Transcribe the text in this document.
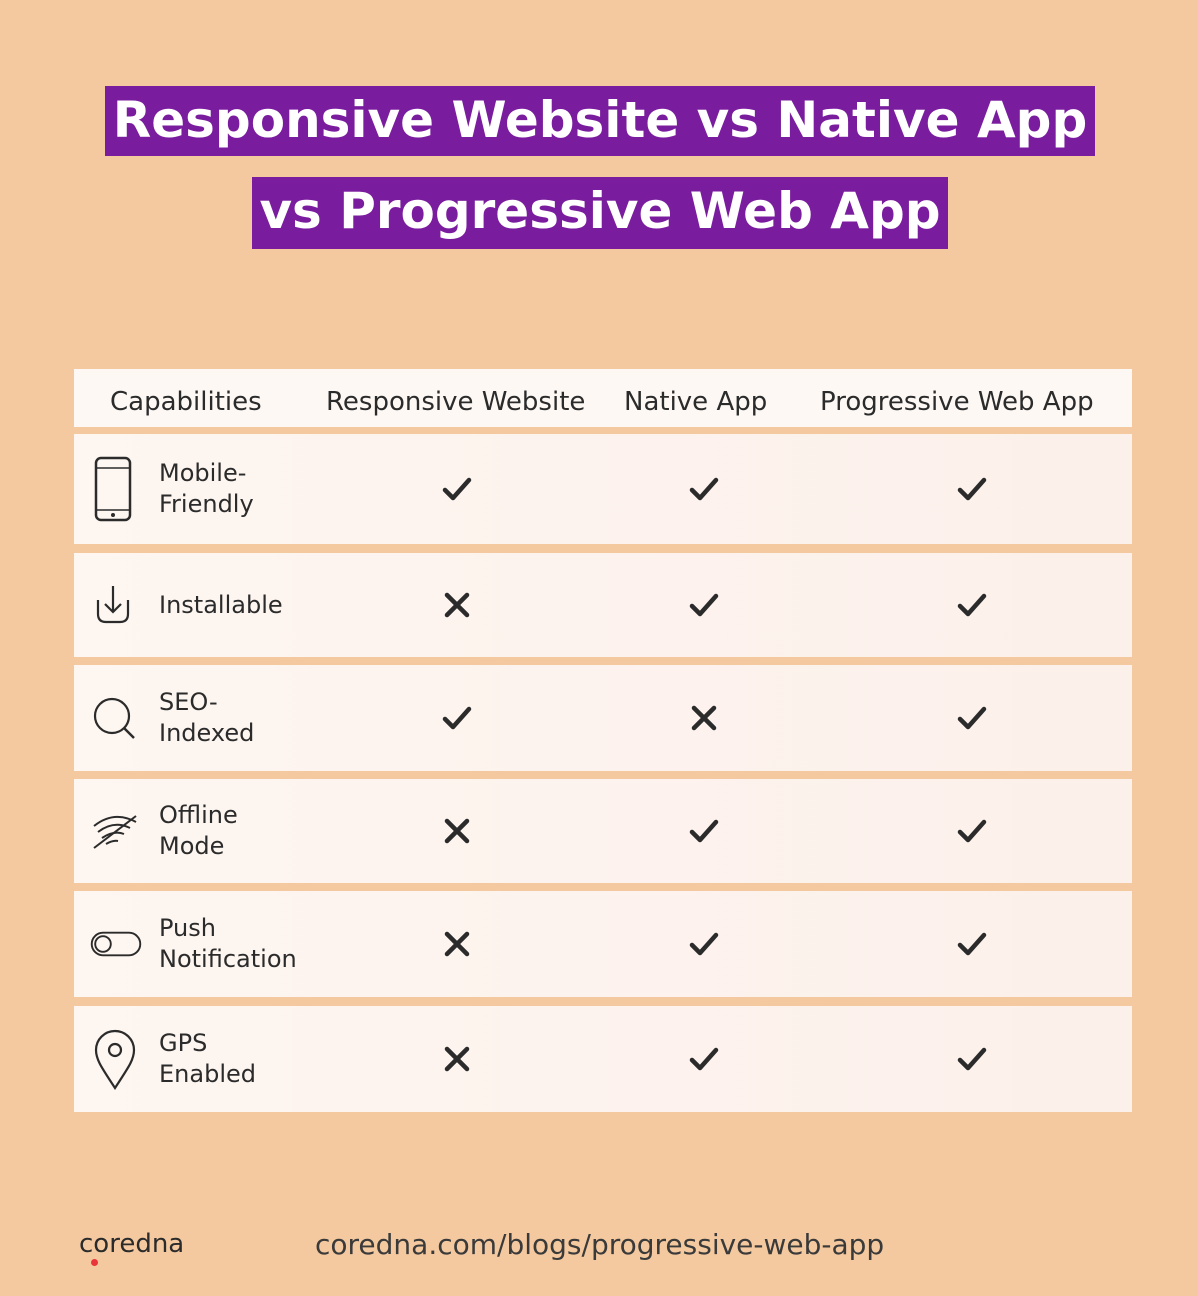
Responsive Website vs Native App
vs Progressive Web App
Capabilities Responsive Website Native App Progressive Web App
Mobile-
Friendly
Installable
SEO-
Indexed
Offline
Mode
Push
Notification
GPS
Enabled
coredna	coredna.com/blogs/progressive-web-app
